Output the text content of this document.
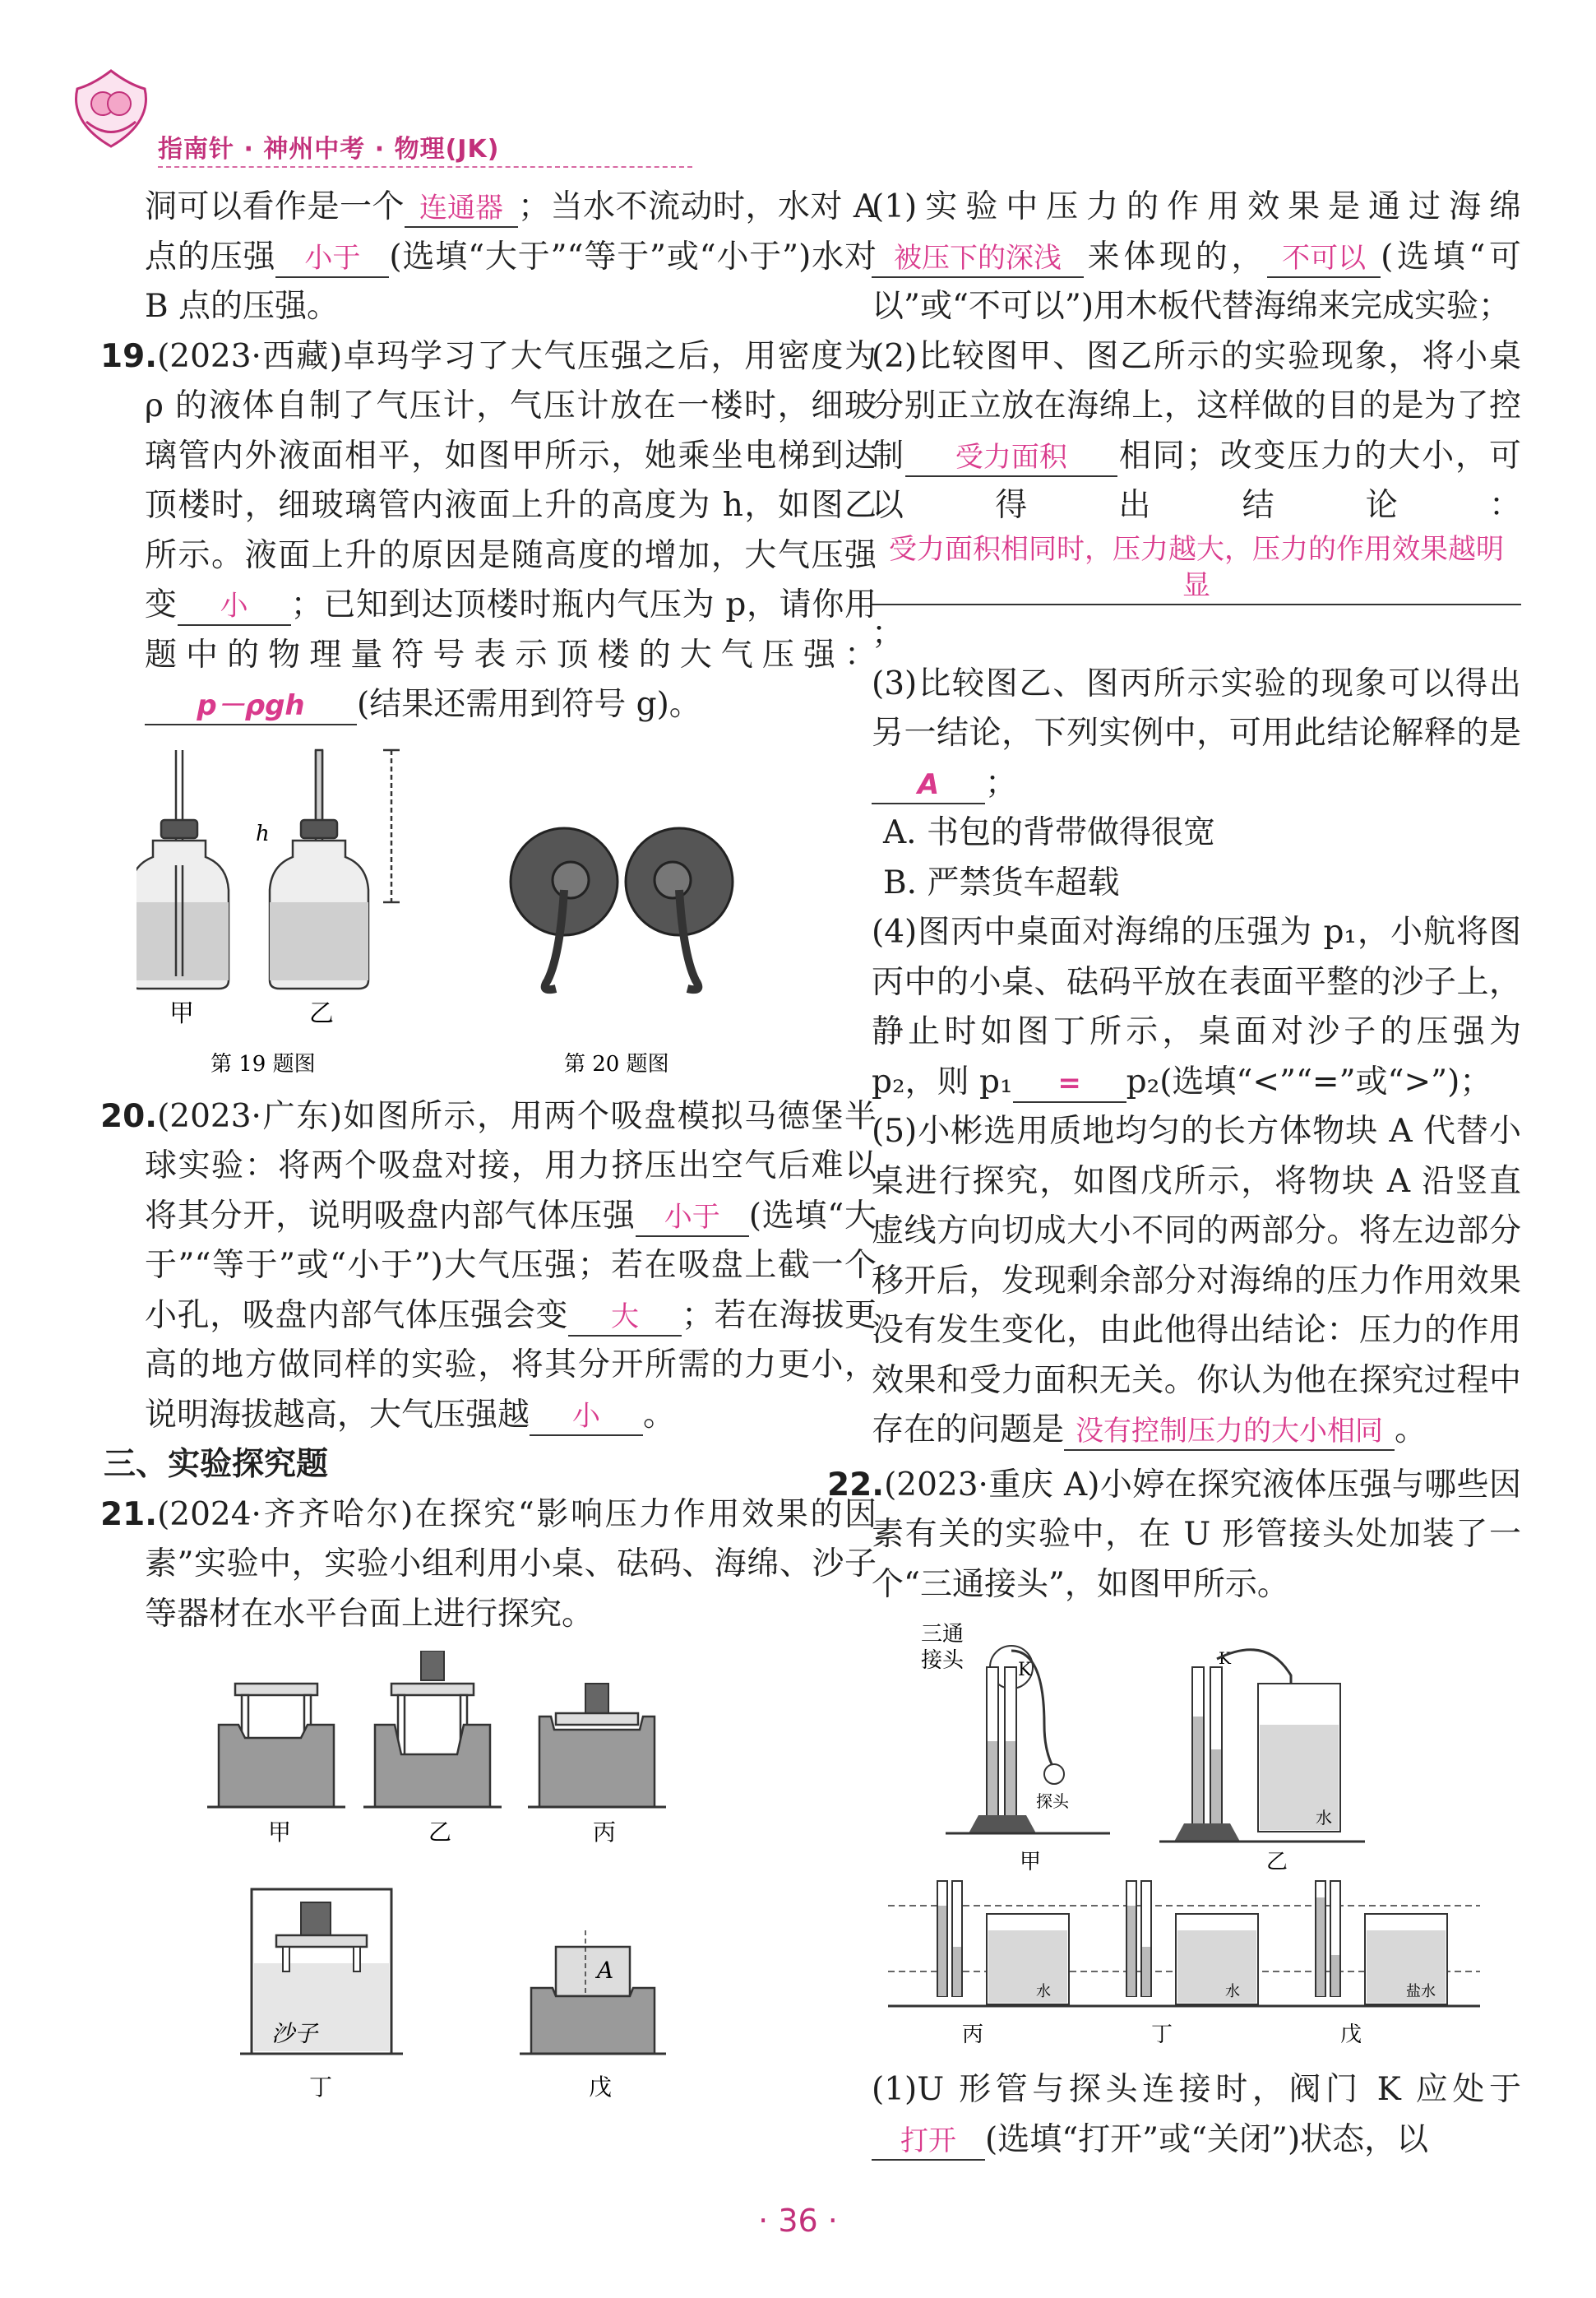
指南针 · 神州中考 · 物理(JK)

洞可以看作是一个 连通器 ；当水不流动时，水对 A 点的压强 小于 (选填“大于”“等于”或“小于”)水对 B 点的压强。

19.(2023·西藏)卓玛学习了大气压强之后，用密度为 ρ 的液体自制了气压计，气压计放在一楼时，细玻璃管内外液面相平，如图甲所示，她乘坐电梯到达顶楼时，细玻璃管内液面上升的高度为 h，如图乙所示。液面上升的原因是随高度的增加，大气压强变 小 ；已知到达顶楼时瓶内气压为 p，请你用题中的物理量符号表示顶楼的大气压强：p－ρgh (结果还需用到符号 g)。

h
甲	乙
第 19 题图	第 20 题图

20.(2023·广东)如图所示，用两个吸盘模拟马德堡半球实验：将两个吸盘对接，用力挤压出空气后难以将其分开，说明吸盘内部气体压强 小于 (选填“大于”“等于”或“小于”)大气压强；若在吸盘上截一个小孔，吸盘内部气体压强会变 大 ；若在海拔更高的地方做同样的实验，将其分开所需的力更小，说明海拔越高，大气压强越 小 。

三、实验探究题

21.(2024·齐齐哈尔)在探究“影响压力作用效果的因素”实验中，实验小组利用小桌、砝码、海绵、沙子等器材在水平台面上进行探究。

甲	乙	丙
沙子
A
丁	戊

(1)实验中压力的作用效果是通过海绵被压下的深浅 来体现的， 不可以 (选填“可以”或“不可以”)用木板代替海绵来完成实验；

(2)比较图甲、图乙所示的实验现象，将小桌分别正立放在海绵上，这样做的目的是为了控制 受力面积 相同；改变压力的大小，可以得出结论：受力面积相同时，压力越大，压力的作用效果越明显；

(3)比较图乙、图丙所示实验的现象可以得出另一结论，下列实例中，可用此结论解释的是A ；

A. 书包的背带做得很宽

B. 严禁货车超载

(4)图丙中桌面对海绵的压强为 p₁，小航将图丙中的小桌、砝码平放在表面平整的沙子上，静止时如图丁所示，桌面对沙子的压强为 p₂，则 p₁ = p₂(选填“<”“=”或“>”)；

(5)小彬选用质地均匀的长方体物块 A 代替小桌进行探究，如图戊所示，将物块 A 沿竖直虚线方向切成大小不同的两部分。将左边部分移开后，发现剩余部分对海绵的压力作用效果没有发生变化，由此他得出结论：压力的作用效果和受力面积无关。你认为他在探究过程中存在的问题是 没有控制压力的大小相同 。

22.(2023·重庆 A)小婷在探究液体压强与哪些因素有关的实验中，在 U 形管接头处加装了一个“三通接头”，如图甲所示。

三通
接头	K
探头
甲
K
水
乙
水	水	盐水
丙	丁	戊

(1)U 形管与探头连接时，阀门 K 应处于打开 (选填“打开”或“关闭”)状态，以

· 36 ·
